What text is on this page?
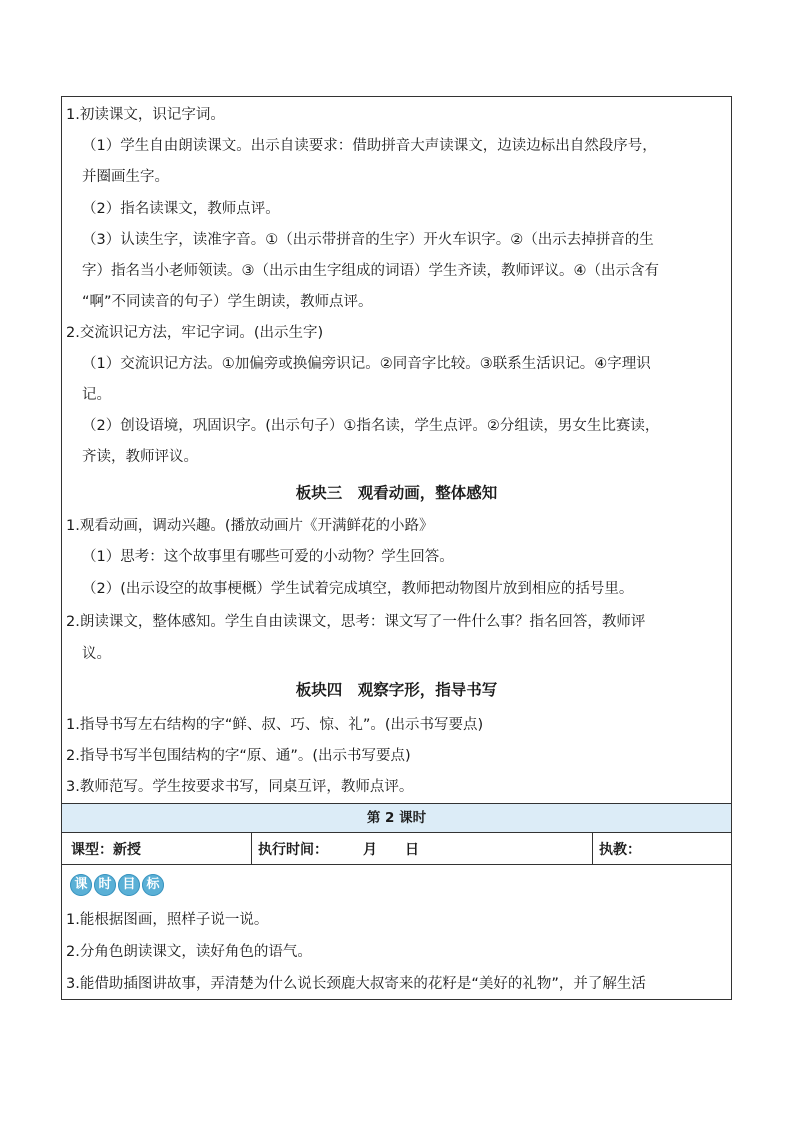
1.初读课文，识记字词。
（1）学生自由朗读课文。出示自读要求：借助拼音大声读课文，边读边标出自然段序号，
并圈画生字。
（2）指名读课文，教师点评。
（3）认读生字，读准字音。①（出示带拼音的生字）开火车识字。②（出示去掉拼音的生
字）指名当小老师领读。③（出示由生字组成的词语）学生齐读，教师评议。④（出示含有
“啊”不同读音的句子）学生朗读，教师点评。
2.交流识记方法，牢记字词。(出示生字)
（1）交流识记方法。①加偏旁或换偏旁识记。②同音字比较。③联系生活识记。④字理识
记。
（2）创设语境，巩固识字。(出示句子）①指名读，学生点评。②分组读，男女生比赛读，
齐读，教师评议。
板块三　观看动画，整体感知
1.观看动画，调动兴趣。(播放动画片《开满鲜花的小路》
（1）思考：这个故事里有哪些可爱的小动物？学生回答。
（2）(出示设空的故事梗概）学生试着完成填空，教师把动物图片放到相应的括号里。
2.朗读课文，整体感知。学生自由读课文，思考：课文写了一件什么事？指名回答，教师评
议。
板块四　观察字形，指导书写
1.指导书写左右结构的字“鲜、叔、巧、惊、礼”。(出示书写要点)
2.指导书写半包围结构的字“原、通”。(出示书写要点)
3.教师范写。学生按要求书写，同桌互评，教师点评。
第 2 课时
课型：新授	执行时间：　　　月　　日	执教：
课 时 目 标
1.能根据图画，照样子说一说。
2.分角色朗读课文，读好角色的语气。
3.能借助插图讲故事，弄清楚为什么说长颈鹿大叔寄来的花籽是“美好的礼物”，并了解生活
